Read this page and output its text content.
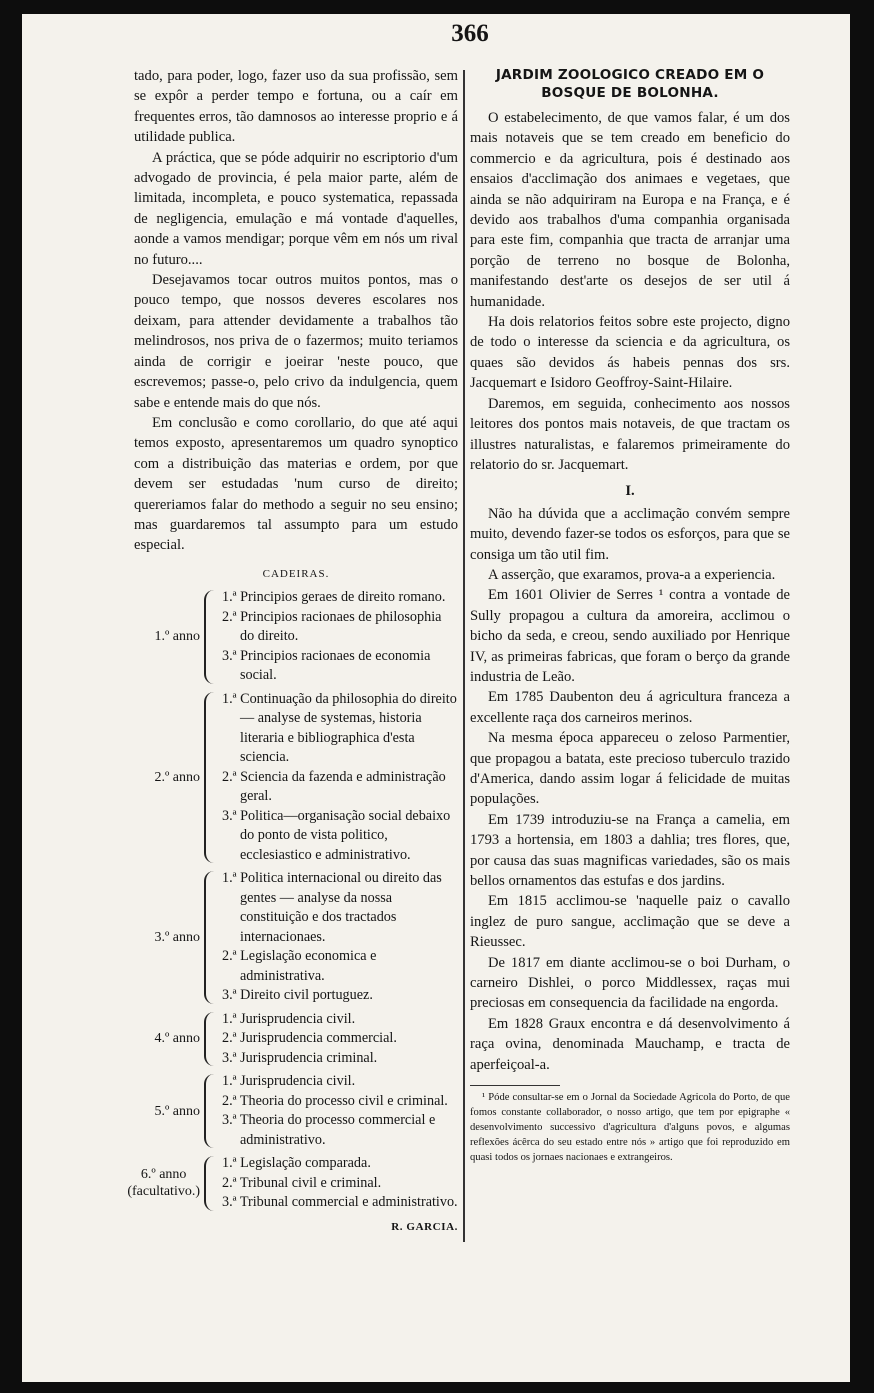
366

tado, para poder, logo, fazer uso da sua profissão, sem se expôr a perder tempo e fortuna, ou a caír em frequentes erros, tão damnosos ao interesse proprio e á utilidade publica.

A práctica, que se póde adquirir no escriptorio d'um advogado de provincia, é pela maior parte, além de limitada, incompleta, e pouco systematica, repassada de negligencia, emulação e má vontade d'aquelles, aonde a vamos mendigar; porque vêm em nós um rival no futuro....

Desejavamos tocar outros muitos pontos, mas o pouco tempo, que nossos deveres escolares nos deixam, para attender devidamente a trabalhos tão melindrosos, nos priva de o fazermos; muito teriamos ainda de corrigir e joeirar 'neste pouco, que escrevemos; passe-o, pelo crivo da indulgencia, quem sabe e entende mais do que nós.

Em conclusão e como corollario, do que até aqui temos exposto, apresentaremos um quadro synoptico com a distribuição das materias e ordem, por que devem ser estudadas 'num curso de direito; quereriamos falar do methodo a seguir no seu ensino; mas guardaremos tal assumpto para um estudo especial.

CADEIRAS.
1.º anno
1.ª Principios geraes de direito romano.
2.ª Principios racionaes de philosophia do direito.
3.ª Principios racionaes de economia social.
2.º anno
1.ª Continuação da philosophia do direito — analyse de systemas, historia literaria e bibliographica d'esta sciencia.
2.ª Sciencia da fazenda e administração geral.
3.ª Politica—organisação social debaixo do ponto de vista politico, ecclesiastico e administrativo.
3.º anno
1.ª Politica internacional ou direito das gentes — analyse da nossa constituição e dos tractados internacionaes.
2.ª Legislação economica e administrativa.
3.ª Direito civil portuguez.
4.º anno
1.ª Jurisprudencia civil.
2.ª Jurisprudencia commercial.
3.ª Jurisprudencia criminal.
5.º anno
1.ª Jurisprudencia civil.
2.ª Theoria do processo civil e criminal.
3.ª Theoria do processo commercial e administrativo.
6.º anno (facultativo.)
1.ª Legislação comparada.
2.ª Tribunal civil e criminal.
3.ª Tribunal commercial e administrativo.
R. GARCIA.
JARDIM ZOOLOGICO CREADO EM O BOSQUE DE BOLONHA.

O estabelecimento, de que vamos falar, é um dos mais notaveis que se tem creado em beneficio do commercio e da agricultura, pois é destinado aos ensaios d'acclimação dos animaes e vegetaes, que ainda se não adquiriram na Europa e na França, e é devido aos trabalhos d'uma companhia organisada para este fim, companhia que tracta de arranjar uma porção de terreno no bosque de Bolonha, manifestando dest'arte os desejos de ser util á humanidade.

Ha dois relatorios feitos sobre este projecto, digno de todo o interesse da sciencia e da agricultura, os quaes são devidos ás habeis pennas dos srs. Jacquemart e Isidoro Geoffroy-Saint-Hilaire.

Daremos, em seguida, conhecimento aos nossos leitores dos pontos mais notaveis, de que tractam os illustres naturalistas, e falaremos primeiramente do relatorio do sr. Jacquemart.

I.

Não ha dúvida que a acclimação convém sempre muito, devendo fazer-se todos os esforços, para que se consiga um tão util fim.

A asserção, que exaramos, prova-a a experiencia.

Em 1601 Olivier de Serres ¹ contra a vontade de Sully propagou a cultura da amoreira, acclimou o bicho da seda, e creou, sendo auxiliado por Henrique IV, as primeiras fabricas, que foram o berço da grande industria de Leão.

Em 1785 Daubenton deu á agricultura franceza a excellente raça dos carneiros merinos.

Na mesma época appareceu o zeloso Parmentier, que propagou a batata, este precioso tuberculo trazido d'America, dando assim logar á felicidade de muitas populações.

Em 1739 introduziu-se na França a camelia, em 1793 a hortensia, em 1803 a dahlia; tres flores, que, por causa das suas magnificas variedades, são os mais bellos ornamentos das estufas e dos jardins.

Em 1815 acclimou-se 'naquelle paiz o cavallo inglez de puro sangue, acclimação que se deve a Rieussec.

De 1817 em diante acclimou-se o boi Durham, o carneiro Dishlei, o porco Middlessex, raças mui preciosas em consequencia da facilidade na engorda.

Em 1828 Graux encontra e dá desenvolvimento á raça ovina, denominada Mauchamp, e tracta de aperfeiçoal-a.

¹ Póde consultar-se em o Jornal da Sociedade Agricola do Porto, de que fomos constante collaborador, o nosso artigo, que tem por epigraphe « desenvolvimento successivo d'agricultura d'alguns povos, e algumas reflexões ácêrca do seu estado entre nós » artigo que foi reproduzido em quasi todos os jornaes nacionaes e extrangeiros.
